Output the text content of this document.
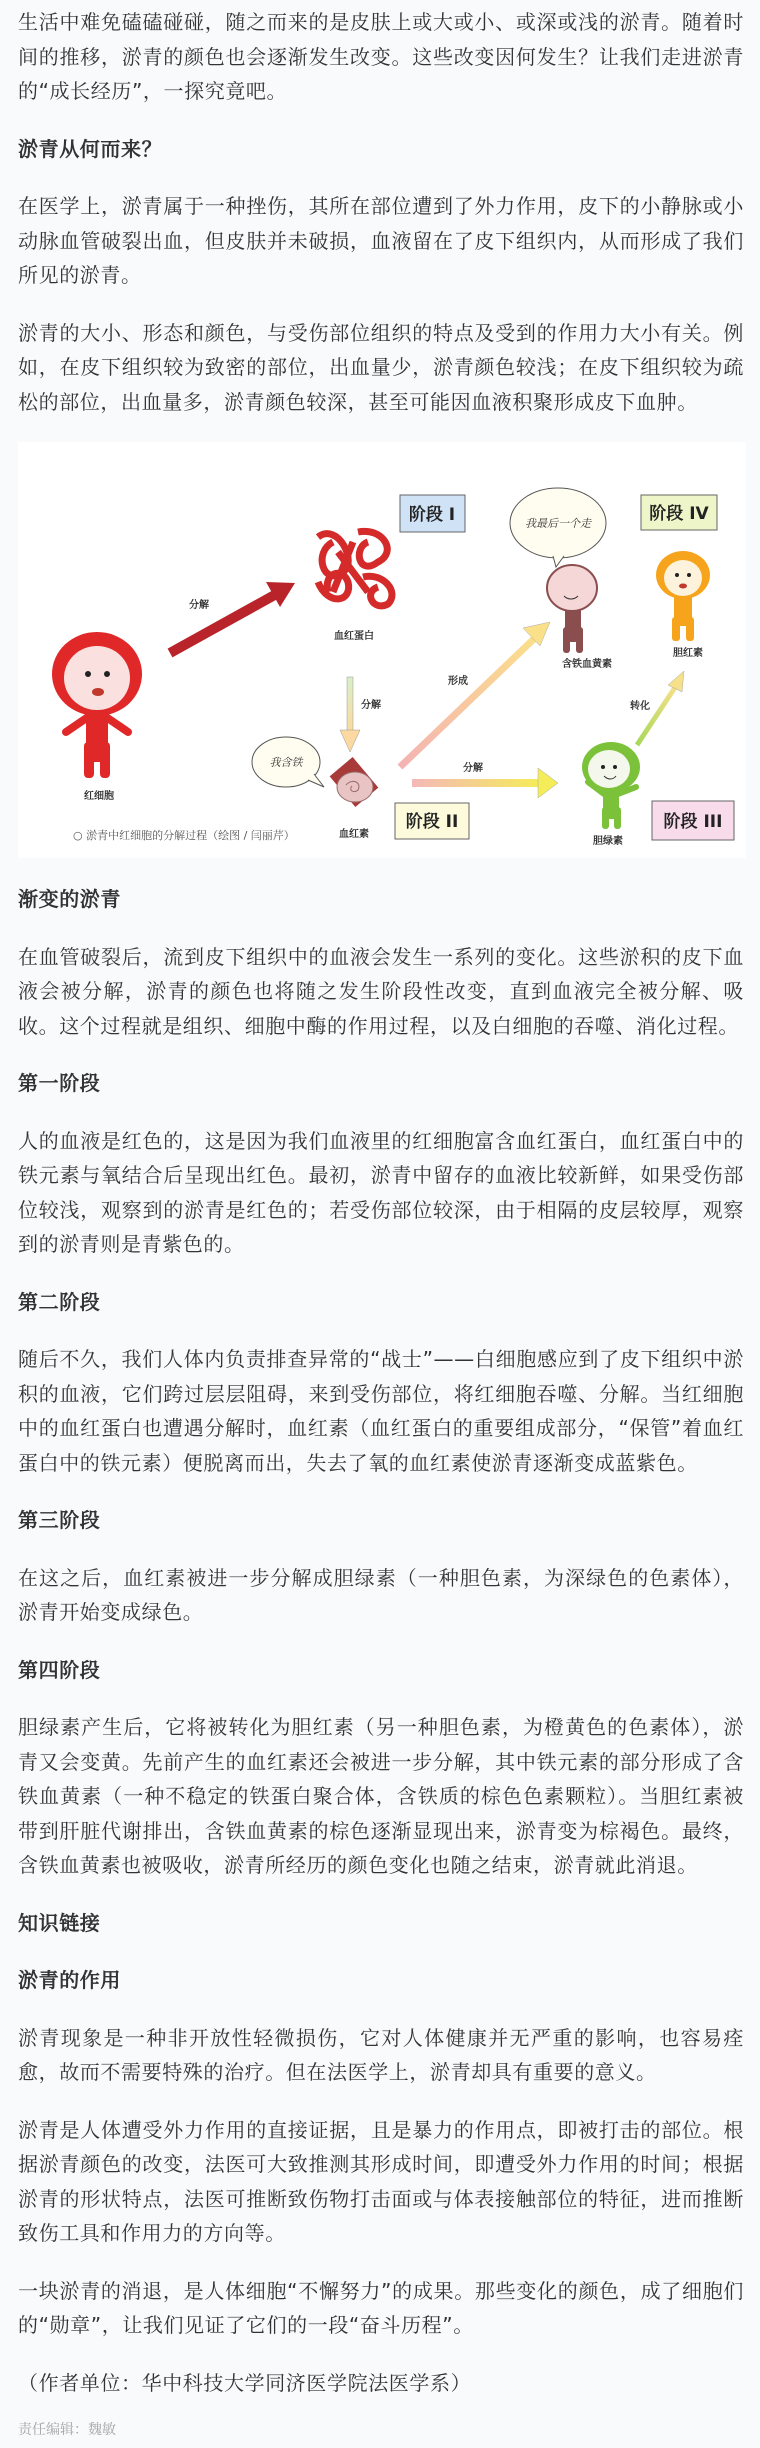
生活中难免磕磕碰碰，随之而来的是皮肤上或大或小、或深或浅的淤青。随着时间的推移，淤青的颜色也会逐渐发生改变。这些改变因何发生？让我们走进淤青的“成长经历”，一探究竟吧。

淤青从何而来？

在医学上，淤青属于一种挫伤，其所在部位遭到了外力作用，皮下的小静脉或小动脉血管破裂出血，但皮肤并未破损，血液留在了皮下组织内，从而形成了我们所见的淤青。

淤青的大小、形态和颜色，与受伤部位组织的特点及受到的作用力大小有关。例如，在皮下组织较为致密的部位，出血量少，淤青颜色较浅；在皮下组织较为疏松的部位，出血量多，淤青颜色较深，甚至可能因血液积聚形成皮下血肿。

阶段 I	阶段 IV
阶段 II	阶段 III
分解
分解
形成
分解
转化
红细胞
血红蛋白
血红素
我含铁
含铁血黄素
我最后一个走
胆红素
胆绿素
○ 淤青中红细胞的分解过程（绘图 / 闫丽芹）
渐变的淤青

在血管破裂后，流到皮下组织中的血液会发生一系列的变化。这些淤积的皮下血液会被分解，淤青的颜色也将随之发生阶段性改变，直到血液完全被分解、吸收。这个过程就是组织、细胞中酶的作用过程，以及白细胞的吞噬、消化过程。

第一阶段

人的血液是红色的，这是因为我们血液里的红细胞富含血红蛋白，血红蛋白中的铁元素与氧结合后呈现出红色。最初，淤青中留存的血液比较新鲜，如果受伤部位较浅，观察到的淤青是红色的；若受伤部位较深，由于相隔的皮层较厚，观察到的淤青则是青紫色的。

第二阶段

随后不久，我们人体内负责排查异常的“战士”——白细胞感应到了皮下组织中淤积的血液，它们跨过层层阻碍，来到受伤部位，将红细胞吞噬、分解。当红细胞中的血红蛋白也遭遇分解时，血红素（血红蛋白的重要组成部分，“保管”着血红蛋白中的铁元素）便脱离而出，失去了氧的血红素使淤青逐渐变成蓝紫色。

第三阶段

在这之后，血红素被进一步分解成胆绿素（一种胆色素，为深绿色的色素体），淤青开始变成绿色。

第四阶段

胆绿素产生后，它将被转化为胆红素（另一种胆色素，为橙黄色的色素体），淤青又会变黄。先前产生的血红素还会被进一步分解，其中铁元素的部分形成了含铁血黄素（一种不稳定的铁蛋白聚合体，含铁质的棕色色素颗粒）。当胆红素被带到肝脏代谢排出，含铁血黄素的棕色逐渐显现出来，淤青变为棕褐色。最终，含铁血黄素也被吸收，淤青所经历的颜色变化也随之结束，淤青就此消退。

知识链接
淤青的作用

淤青现象是一种非开放性轻微损伤，它对人体健康并无严重的影响，也容易痊愈，故而不需要特殊的治疗。但在法医学上，淤青却具有重要的意义。

淤青是人体遭受外力作用的直接证据，且是暴力的作用点，即被打击的部位。根据淤青颜色的改变，法医可大致推测其形成时间，即遭受外力作用的时间；根据淤青的形状特点，法医可推断致伤物打击面或与体表接触部位的特征，进而推断致伤工具和作用力的方向等。

一块淤青的消退，是人体细胞“不懈努力”的成果。那些变化的颜色，成了细胞们的“勋章”，让我们见证了它们的一段“奋斗历程”。

（作者单位：华中科技大学同济医学院法医学系）

责任编辑：魏敏
